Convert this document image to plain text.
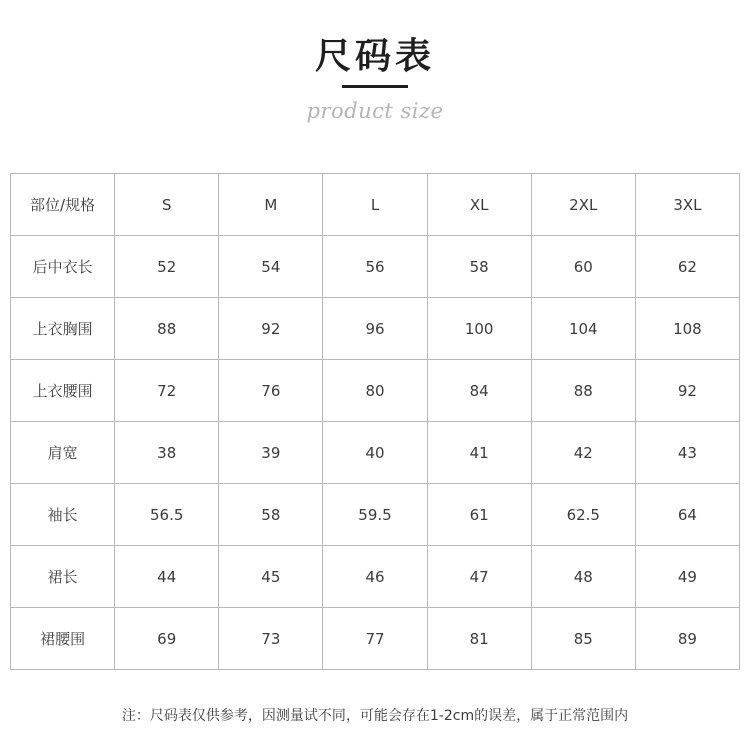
尺码表
product size
部位/规格	S	M	L	XL	2XL	3XL
后中衣长	52	54	56	58	60	62
上衣胸围	88	92	96	100	104	108
上衣腰围	72	76	80	84	88	92
肩宽	38	39	40	41	42	43
袖长	56.5	58	59.5	61	62.5	64
裙长	44	45	46	47	48	49
裙腰围	69	73	77	81	85	89
注：尺码表仅供参考，因测量试不同，可能会存在1-2cm的误差，属于正常范围内
